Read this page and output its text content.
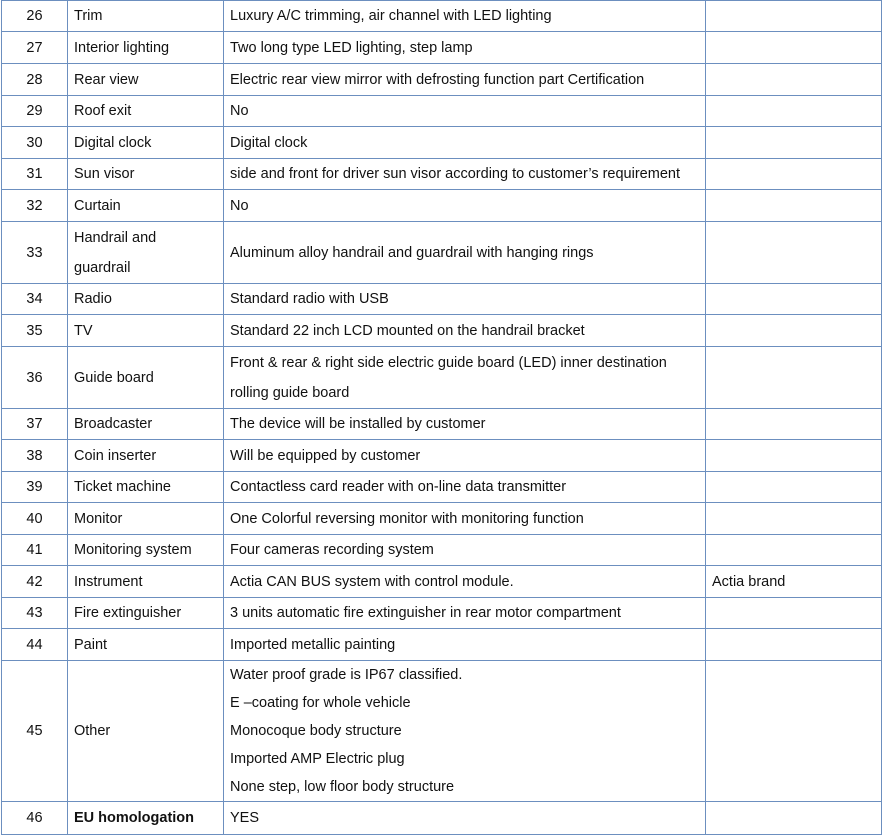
26	Trim	Luxury A/C trimming, air channel with LED lighting	

27	Interior lighting	Two long type LED lighting, step lamp	

28	Rear view	Electric rear view mirror with defrosting function part Certification	

29	Roof exit	No	

30	Digital clock	Digital clock	

31	Sun visor	side and front for driver sun visor according to customer’s requirement	

32	Curtain	No	

33	Handrail and
guardrail	Aluminum alloy handrail and guardrail with hanging rings	

34	Radio	Standard radio with USB	

35	TV	Standard 22 inch LCD mounted on the handrail bracket	

36	Guide board	Front & rear & right side electric guide board (LED) inner destination
rolling guide board	

37	Broadcaster	The device will be installed by customer	

38	Coin inserter	Will be equipped by customer	

39	Ticket machine	Contactless card reader with on-line data transmitter	

40	Monitor	One Colorful reversing monitor with monitoring function	

41	Monitoring system	Four cameras recording system	

42	Instrument	Actia CAN BUS system with control module.	Actia brand
43	Fire extinguisher	3 units automatic fire extinguisher in rear motor compartment	

44	Paint	Imported metallic painting	

45	Other	Water proof grade is IP67 classified.
E –coating for whole vehicle
Monocoque body structure
Imported AMP Electric plug
None step, low floor body structure	

46	EU homologation	YES	
